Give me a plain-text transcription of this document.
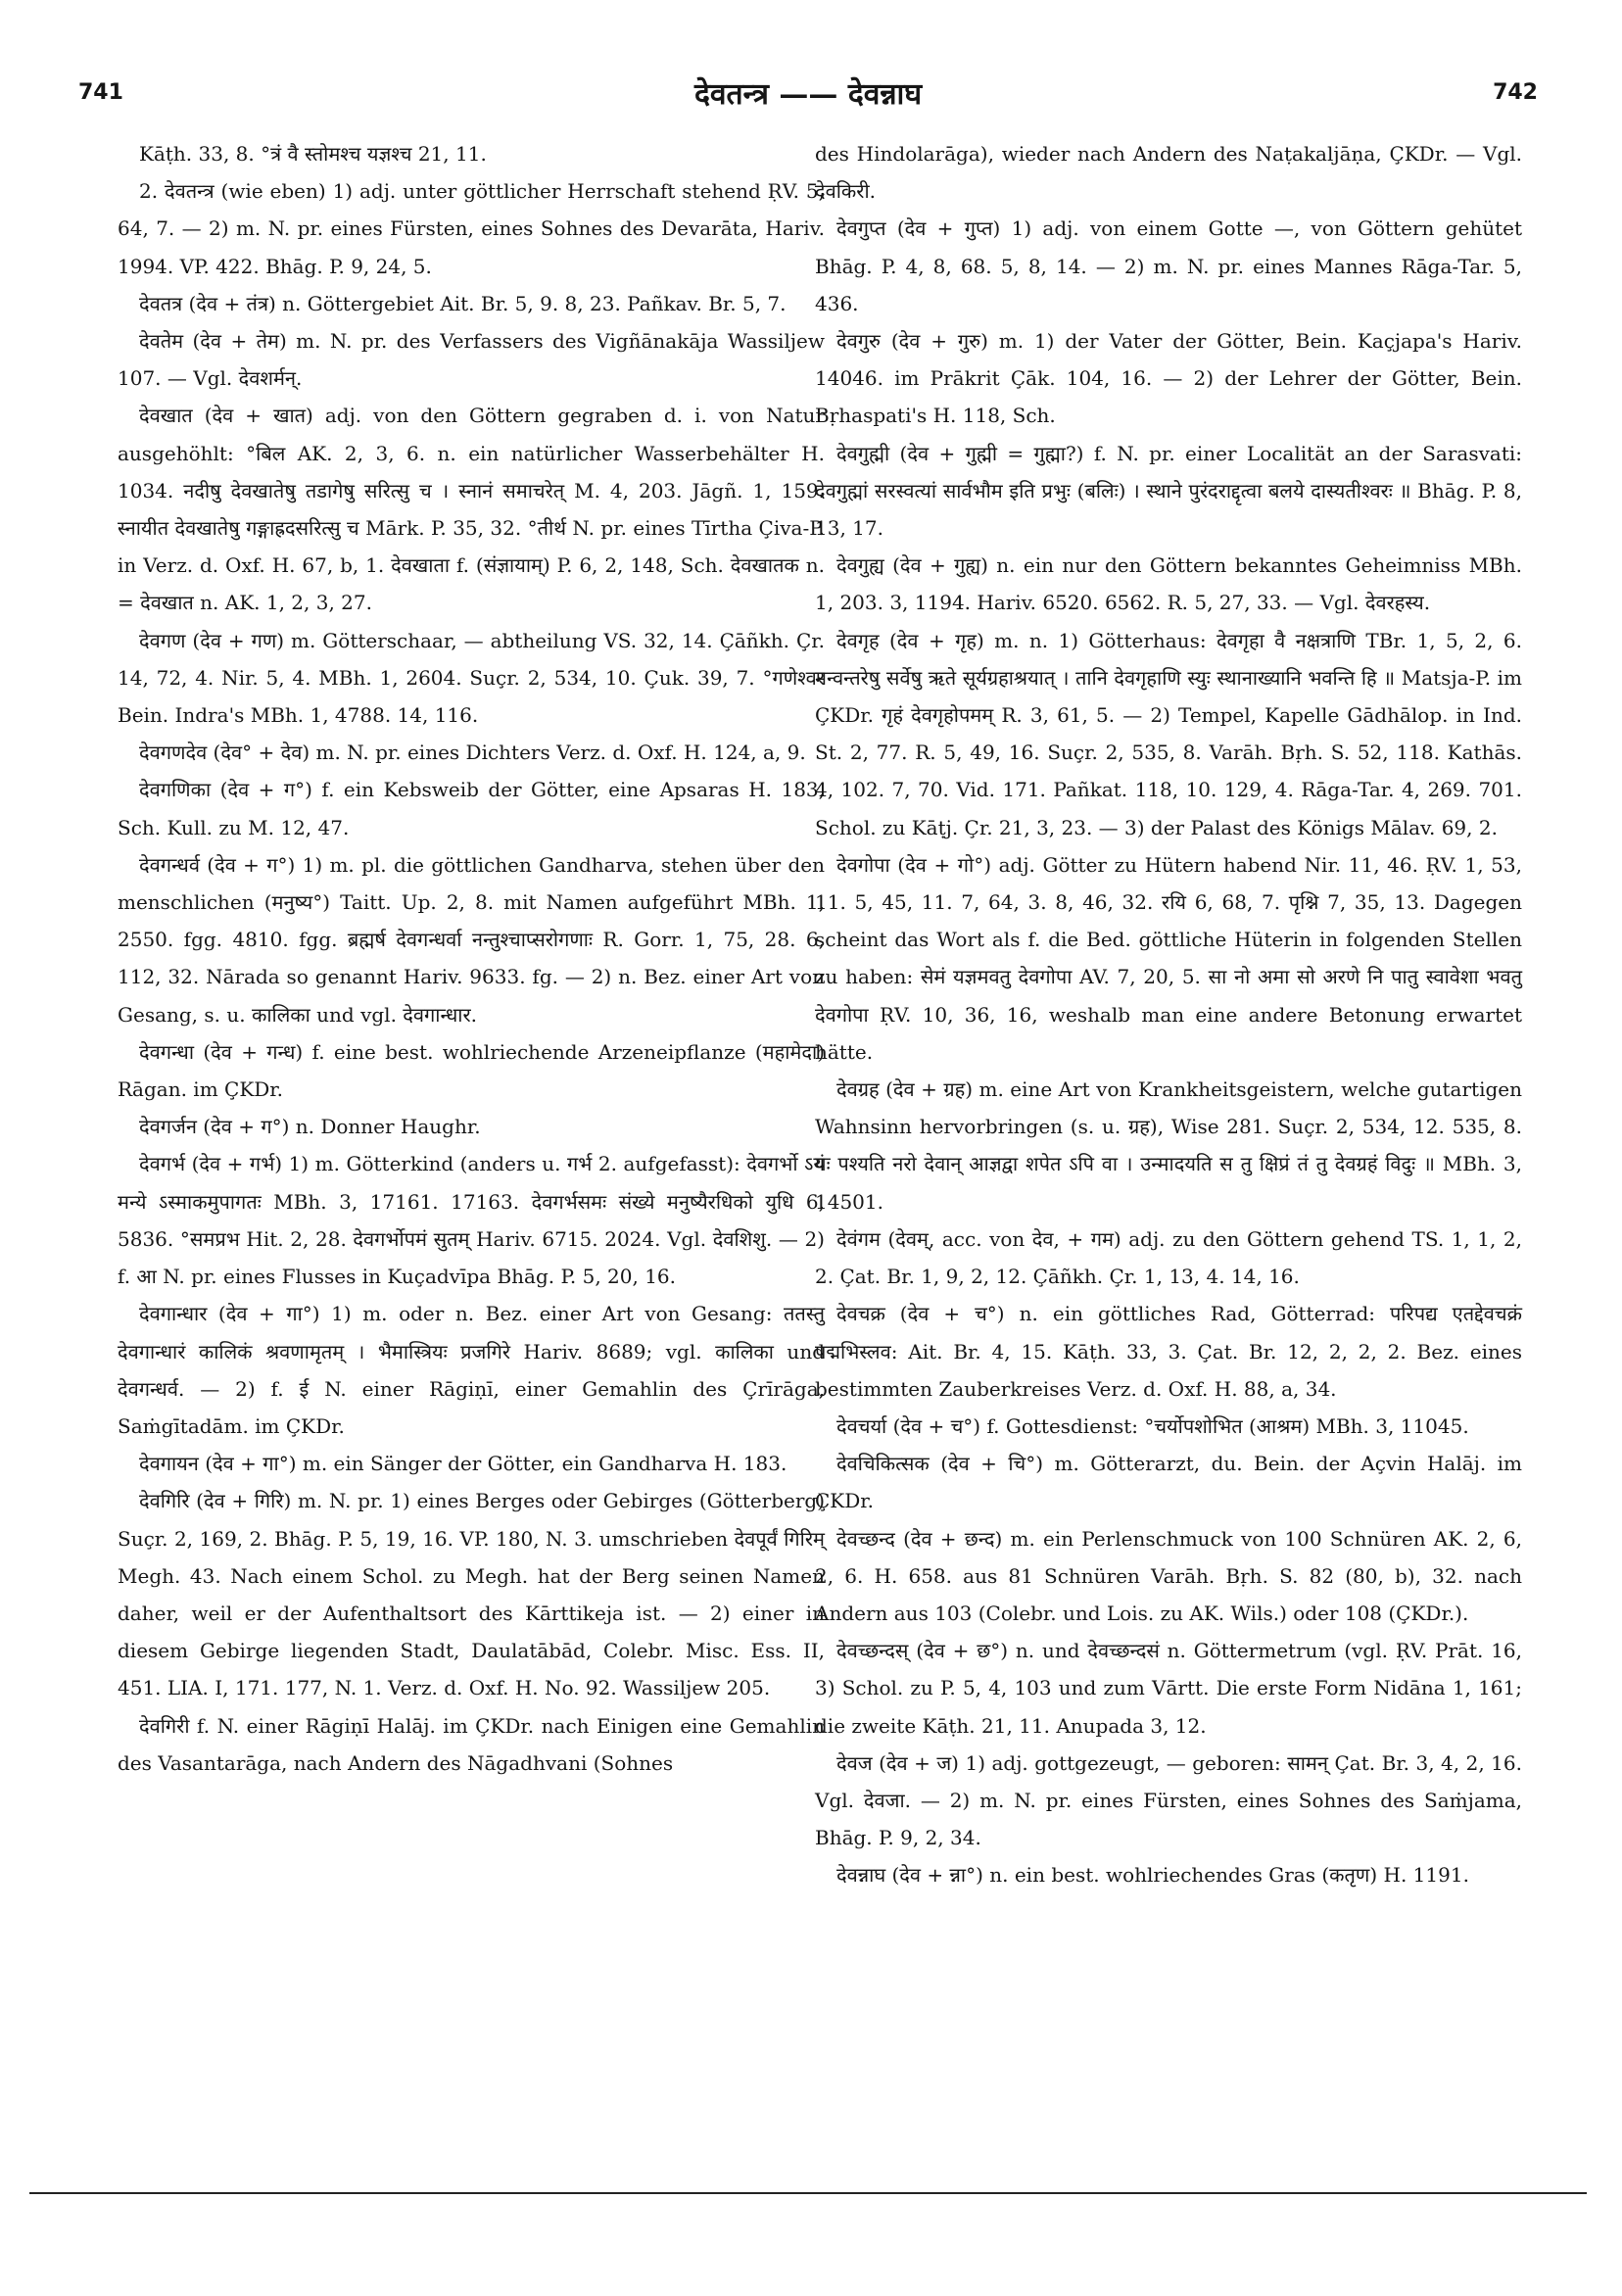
741	देवतन्त्र —— देवन्नाघ	742

Kāṭh. 33, 8. °त्रं वै स्तोमश्च यज्ञश्च 21, 11.

2. देवतन्त्र (wie eben) 1) adj. unter göttlicher Herrschaft stehend ṚV. 5, 64, 7. — 2) m. N. pr. eines Fürsten, eines Sohnes des Devarāta, Hariv. 1994. VP. 422. Bhāg. P. 9, 24, 5.

देवतत्र (देव + तंत्र) n. Göttergebiet Ait. Br. 5, 9. 8, 23. Pañkav. Br. 5, 7.

देवतेम (देव + तेम) m. N. pr. des Verfassers des Vigñānakāja Wassiljew 107. — Vgl. देवशर्मन्.

देवखात (देव + खात) adj. von den Göttern gegraben d. i. von Natur ausgehöhlt: °बिल AK. 2, 3, 6. n. ein natürlicher Wasserbehälter H. 1034. नदीषु देवखातेषु तडागेषु सरित्सु च । स्नानं समाचरेत् M. 4, 203. Jāgñ. 1, 159. स्नायीत देवखातेषु गङ्गाह्रदसरित्सु च Mārk. P. 35, 32. °तीर्थ N. pr. eines Tīrtha Çiva-P. in Verz. d. Oxf. H. 67, b, 1. देवखाता f. (संज्ञायाम्) P. 6, 2, 148, Sch. देवखातक n. = देवखात n. AK. 1, 2, 3, 27.

देवगण (देव + गण) m. Götterschaar, — abtheilung VS. 32, 14. Çāñkh. Çr. 14, 72, 4. Nir. 5, 4. MBh. 1, 2604. Suçr. 2, 534, 10. Çuk. 39, 7. °गणेश्वर Bein. Indra's MBh. 1, 4788. 14, 116.

देवगणदेव (देव° + देव) m. N. pr. eines Dichters Verz. d. Oxf. H. 124, a, 9.

देवगणिका (देव + ग°) f. ein Kebsweib der Götter, eine Apsaras H. 183, Sch. Kull. zu M. 12, 47.

देवगन्धर्व (देव + ग°) 1) m. pl. die göttlichen Gandharva, stehen über den menschlichen (मनुष्य°) Taitt. Up. 2, 8. mit Namen aufgeführt MBh. 1, 2550. fgg. 4810. fgg. ब्रह्मर्ष देवगन्धर्वा नन्तुश्चाप्सरोगणाः R. Gorr. 1, 75, 28. 6, 112, 32. Nārada so genannt Hariv. 9633. fg. — 2) n. Bez. einer Art von Gesang, s. u. कालिका und vgl. देवगान्धार.

देवगन्धा (देव + गन्ध) f. eine best. wohlriechende Arzeneipflanze (महामेदा) Rāgan. im ÇKDr.

देवगर्जन (देव + ग°) n. Donner Haughr.

देवगर्भ (देव + गर्भ) 1) m. Götterkind (anders u. गर्भ 2. aufgefasst): देवगर्भो ऽयं मन्ये ऽस्माकमुपागतः MBh. 3, 17161. 17163. देवगर्भसमः संख्ये मनुष्यैरधिको युधि 6, 5836. °समप्रभ Hit. 2, 28. देवगर्भोपमं सुतम् Hariv. 6715. 2024. Vgl. देवशिशु. — 2) f. आ N. pr. eines Flusses in Kuçadvīpa Bhāg. P. 5, 20, 16.

देवगान्धार (देव + गा°) 1) m. oder n. Bez. einer Art von Gesang: ततस्तु देवगान्धारं कालिकं श्रवणामृतम् । भैमास्त्रियः प्रजगिरे Hariv. 8689; vgl. कालिका und देवगन्धर्व. — 2) f. ई N. einer Rāgiṇī, einer Gemahlin des Çrīrāga, Saṁgītadām. im ÇKDr.

देवगायन (देव + गा°) m. ein Sänger der Götter, ein Gandharva H. 183.

देवगिरि (देव + गिरि) m. N. pr. 1) eines Berges oder Gebirges (Götterberg) Suçr. 2, 169, 2. Bhāg. P. 5, 19, 16. VP. 180, N. 3. umschrieben देवपूर्वं गिरिम् Megh. 43. Nach einem Schol. zu Megh. hat der Berg seinen Namen daher, weil er der Aufenthaltsort des Kārttikeja ist. — 2) einer in diesem Gebirge liegenden Stadt, Daulatābād, Colebr. Misc. Ess. II, 451. LIA. I, 171. 177, N. 1. Verz. d. Oxf. H. No. 92. Wassiljew 205.

देवगिरी f. N. einer Rāgiṇī Halāj. im ÇKDr. nach Einigen eine Gemahlin des Vasantarāga, nach Andern des Nāgadhvani (Sohnes

des Hindolarāga), wieder nach Andern des Naṭakaljāṇa, ÇKDr. — Vgl. देवकिरी.

देवगुप्त (देव + गुप्त) 1) adj. von einem Gotte —, von Göttern gehütet Bhāg. P. 4, 8, 68. 5, 8, 14. — 2) m. N. pr. eines Mannes Rāga-Tar. 5, 436.

देवगुरु (देव + गुरु) m. 1) der Vater der Götter, Bein. Kaçjapa's Hariv. 14046. im Prākrit Çāk. 104, 16. — 2) der Lehrer der Götter, Bein. Bṛhaspati's H. 118, Sch.

देवगुह्मी (देव + गुह्मी = गुह्मा?) f. N. pr. einer Localität an der Sarasvati: देवगुह्मां सरस्वत्यां सार्वभौम इति प्रभुः (बलिः) । स्थाने पुरंदराद्दृत्वा बलये दास्यतीश्वरः ॥ Bhāg. P. 8, 13, 17.

देवगुह्य (देव + गुह्य) n. ein nur den Göttern bekanntes Geheimniss MBh. 1, 203. 3, 1194. Hariv. 6520. 6562. R. 5, 27, 33. — Vgl. देवरहस्य.

देवगृह (देव + गृह) m. n. 1) Götterhaus: देवगृहा वै नक्षत्राणि TBr. 1, 5, 2, 6. मन्वन्तरेषु सर्वेषु ऋते सूर्यग्रहाश्रयात् । तानि देवगृहाणि स्युः स्थानाख्यानि भवन्ति हि ॥ Matsja-P. im ÇKDr. गृहं देवगृहोपमम् R. 3, 61, 5. — 2) Tempel, Kapelle Gādhālop. in Ind. St. 2, 77. R. 5, 49, 16. Suçr. 2, 535, 8. Varāh. Bṛh. S. 52, 118. Kathās. 4, 102. 7, 70. Vid. 171. Pañkat. 118, 10. 129, 4. Rāga-Tar. 4, 269. 701. Schol. zu Kāṭj. Çr. 21, 3, 23. — 3) der Palast des Königs Mālav. 69, 2.

देवगोपा (देव + गो°) adj. Götter zu Hütern habend Nir. 11, 46. ṚV. 1, 53, 11. 5, 45, 11. 7, 64, 3. 8, 46, 32. रयि 6, 68, 7. पृश्नि 7, 35, 13. Dagegen scheint das Wort als f. die Bed. göttliche Hüterin in folgenden Stellen zu haben: सेमं यज्ञमवतु देवगोपा AV. 7, 20, 5. सा नो अमा सो अरणे नि पातु स्वावेशा भवतु देवगोपा ṚV. 10, 36, 16, weshalb man eine andere Betonung erwartet hätte.

देवग्रह (देव + ग्रह) m. eine Art von Krankheitsgeistern, welche gutartigen Wahnsinn hervorbringen (s. u. ग्रह), Wise 281. Suçr. 2, 534, 12. 535, 8. यः पश्यति नरो देवान् आज्ञद्वा शपेत ऽपि वा । उन्मादयति स तु क्षिप्रं तं तु देवग्रहं विदुः ॥ MBh. 3, 14501.

देवंगम (देवम्, acc. von देव, + गम) adj. zu den Göttern gehend TS. 1, 1, 2, 2. Çat. Br. 1, 9, 2, 12. Çāñkh. Çr. 1, 13, 4. 14, 16.

देवचक्र (देव + च°) n. ein göttliches Rad, Götterrad: परिपद्य एतद्देवचक्रं पद्मभिस्लव: Ait. Br. 4, 15. Kāṭh. 33, 3. Çat. Br. 12, 2, 2, 2. Bez. eines bestimmten Zauberkreises Verz. d. Oxf. H. 88, a, 34.

देवचर्या (देव + च°) f. Gottesdienst: °चर्योपशोभित (आश्रम) MBh. 3, 11045.

देवचिकित्सक (देव + चि°) m. Götterarzt, du. Bein. der Açvin Halāj. im ÇKDr.

देवच्छन्द (देव + छन्द) m. ein Perlenschmuck von 100 Schnüren AK. 2, 6, 2, 6. H. 658. aus 81 Schnüren Varāh. Bṛh. S. 82 (80, b), 32. nach Andern aus 103 (Colebr. und Lois. zu AK. Wils.) oder 108 (ÇKDr.).

देवच्छन्दस् (देव + छ°) n. und देवच्छन्दसं n. Göttermetrum (vgl. ṚV. Prāt. 16, 3) Schol. zu P. 5, 4, 103 und zum Vārtt. Die erste Form Nidāna 1, 161; die zweite Kāṭh. 21, 11. Anupada 3, 12.

देवज (देव + ज) 1) adj. gottgezeugt, — geboren: सामन् Çat. Br. 3, 4, 2, 16. Vgl. देवजा. — 2) m. N. pr. eines Fürsten, eines Sohnes des Saṁjama, Bhāg. P. 9, 2, 34.

देवन्नाघ (देव + न्ना°) n. ein best. wohlriechendes Gras (कतृण) H. 1191.
